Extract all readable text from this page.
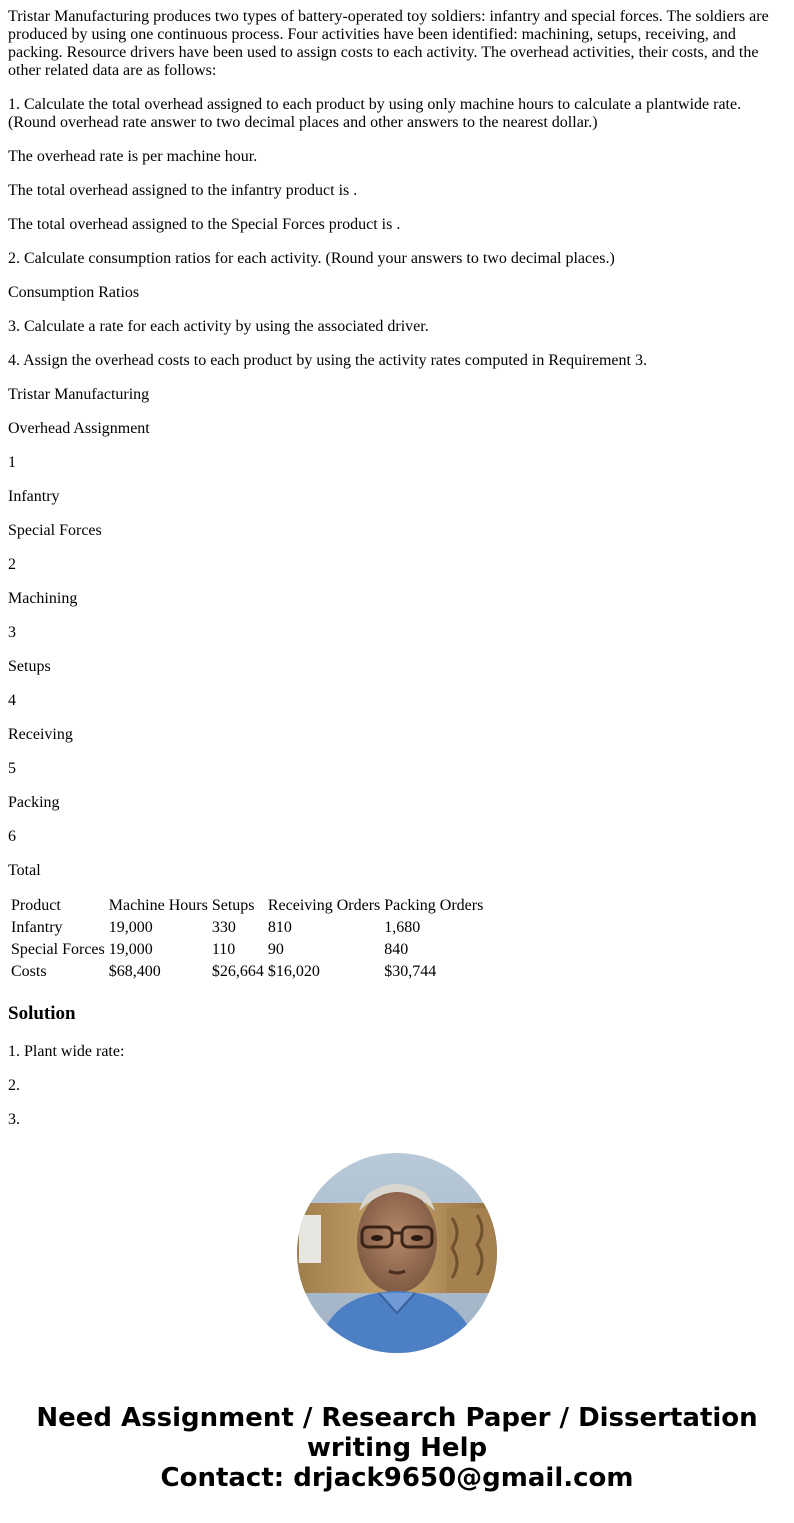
Tristar Manufacturing produces two types of battery-operated toy soldiers: infantry and special forces. The soldiers are produced by using one continuous process. Four activities have been identified: machining, setups, receiving, and packing. Resource drivers have been used to assign costs to each activity. The overhead activities, their costs, and the other related data are as follows:

1. Calculate the total overhead assigned to each product by using only machine hours to calculate a plantwide rate. (Round overhead rate answer to two decimal places and other answers to the nearest dollar.)

The overhead rate is per machine hour.

The total overhead assigned to the infantry product is .

The total overhead assigned to the Special Forces product is .

2. Calculate consumption ratios for each activity. (Round your answers to two decimal places.)

Consumption Ratios

3. Calculate a rate for each activity by using the associated driver.

4. Assign the overhead costs to each product by using the activity rates computed in Requirement 3.

Tristar Manufacturing

Overhead Assignment

1

Infantry

Special Forces

2

Machining

3

Setups

4

Receiving

5

Packing

6

Total

Product	Machine Hours	Setups	Receiving Orders	Packing Orders
Infantry	19,000	330	810	1,680
Special Forces	19,000	110	90	840
Costs	$68,400	$26,664	$16,020	$30,744
Solution

1. Plant wide rate:

2.

3.

Need Assignment / Research Paper / Dissertation
writing Help
Contact: drjack9650@gmail.com
